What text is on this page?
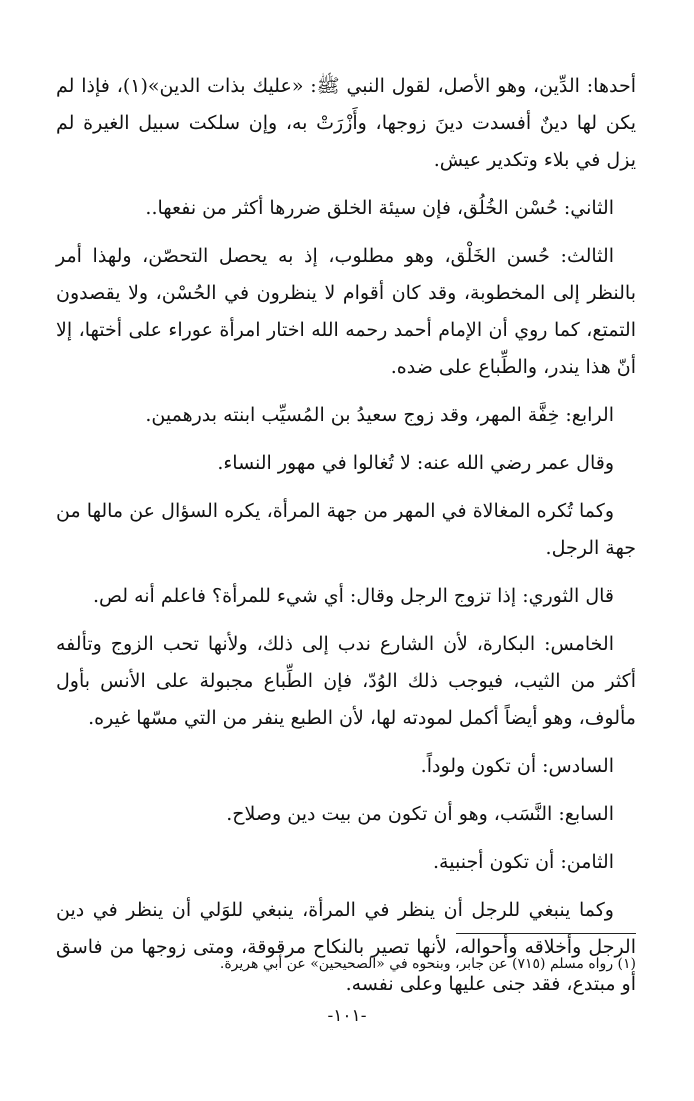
أحدها: الدِّين، وهو الأصل، لقول النبي ﷺ: «عليك بذات الدين»(١)، فإذا لم يكن لها دينٌ أفسدت دينَ زوجها، وأَزْرَتْ به، وإن سلكت سبيل الغيرة لم يزل في بلاء وتكدير عيش.

الثاني: حُسْن الخُلُق، فإن سيئة الخلق ضررها أكثر من نفعها..

الثالث: حُسن الخَلْق، وهو مطلوب، إذ به يحصل التحصّن، ولهذا أمر بالنظر إلى المخطوبة، وقد كان أقوام لا ينظرون في الحُسْن، ولا يقصدون التمتع، كما روي أن الإمام أحمد رحمه الله اختار امرأة عوراء على أختها، إلا أنّ هذا يندر، والطِّباع على ضده.

الرابع: خِفَّة المهر، وقد زوج سعيدُ بن المُسيِّب ابنته بدرهمين.

وقال عمر رضي الله عنه: لا تُغالوا في مهور النساء.

وكما تُكره المغالاة في المهر من جهة المرأة، يكره السؤال عن مالها من جهة الرجل.

قال الثوري: إذا تزوج الرجل وقال: أي شيء للمرأة؟ فاعلم أنه لص.

الخامس: البكارة، لأن الشارع ندب إلى ذلك، ولأنها تحب الزوج وتألفه أكثر من الثيب، فيوجب ذلك الوُدّ، فإن الطِّباع مجبولة على الأنس بأول مألوف، وهو أيضاً أكمل لمودته لها، لأن الطبع ينفر من التي مسّها غيره.

السادس: أن تكون ولوداً.

السابع: النَّسَب، وهو أن تكون من بيت دين وصلاح.

الثامن: أن تكون أجنبية.

وكما ينبغي للرجل أن ينظر في المرأة، ينبغي للوَلي أن ينظر في دين الرجل وأخلاقه وأحواله، لأنها تصير بالنكاح مرقوقة، ومتى زوجها من فاسق أو مبتدع، فقد جنى عليها وعلى نفسه.

(١) رواه مسلم (٧١٥) عن جابر، وبنحوه في «الصحيحين» عن أبي هريرة.
-١٠١-
